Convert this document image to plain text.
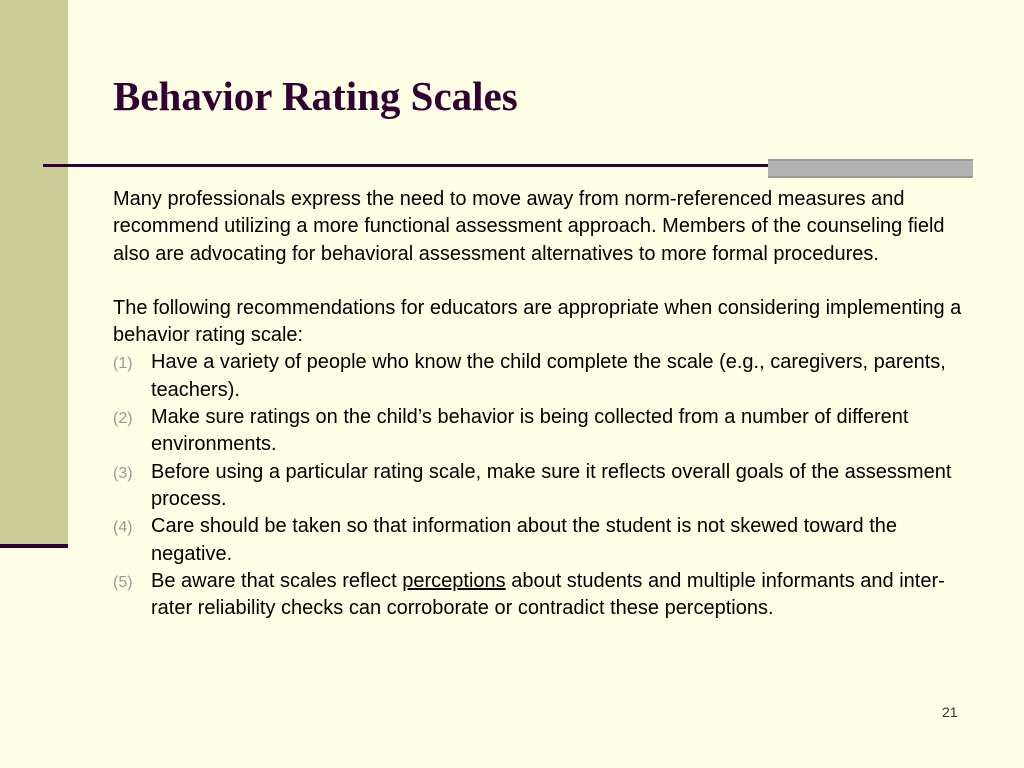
Behavior Rating Scales

Many professionals express the need to move away from norm-referenced measures and recommend utilizing a more functional assessment approach. Members of the counseling field also are advocating for behavioral assessment alternatives to more formal procedures.

The following recommendations for educators are appropriate when considering implementing a behavior rating scale:

(1) Have a variety of people who know the child complete the scale (e.g., caregivers, parents, teachers).
(2) Make sure ratings on the child’s behavior is being collected from a number of different environments.
(3) Before using a particular rating scale, make sure it reflects overall goals of the assessment process.
(4) Care should be taken so that information about the student is not skewed toward the negative.
(5) Be aware that scales reflect perceptions about students and multiple informants and inter-rater reliability checks can corroborate or contradict these perceptions.
21
